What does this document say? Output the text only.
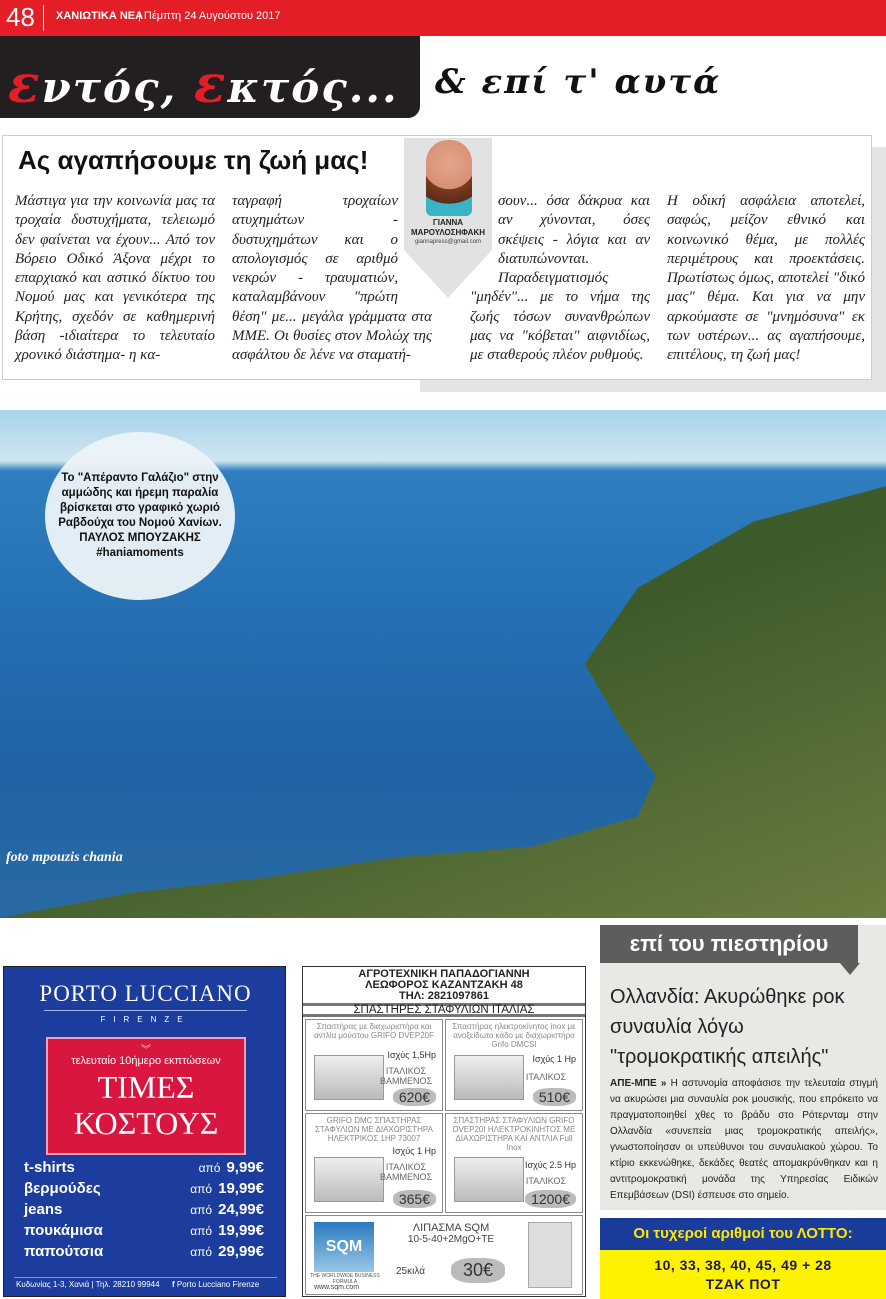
48 ΧΑΝΙΩΤΙΚΑ ΝΕΑ
| Πέμπτη 24 Αυγούστου 2017
εντός, εκτός... & επί τ' αυτά
Ας αγαπήσουμε τη ζωή μας!

Μάστιγα για την κοινωνία μας τα τροχαία δυστυχήματα, τελειωμό δεν φαίνεται να έχουν... Από τον Βόρειο Οδικό Άξονα μέχρι το επαρχιακό και αστικό δίκτυο του Νομού μας και γενικότερα της Κρήτης, σχεδόν σε καθημερινή βάση -ιδιαίτερα το τελευταίο χρονικό διάστημα- η κα-

ταγραφή τροχαίων ατυχημάτων - δυστυχημάτων και ο απολογισμός σε αριθμό νεκρών - τραυματιών, καταλαμβάνουν "πρώτη θέση" με... μεγάλα γράμματα στα ΜΜΕ. Οι θυσίες στον Μολώχ της ασφάλτου δε λένε να σταματή-
σουν... όσα δάκρυα και αν χύνονται, όσες σκέψεις - λόγια και αν διατυπώνονται. Παραδειγματισμός "μηδέν"... με το νήμα της ζωής τόσων συνανθρώπων μας να "κόβεται" αιφνιδίως, με σταθερούς πλέον ρυθμούς.

Η οδική ασφάλεια αποτελεί, σαφώς, μείζον εθνικό και κοινωνικό θέμα, με πολλές περιμέτρους και προεκτάσεις. Πρωτίστως όμως, αποτελεί "δικό μας" θέμα. Και για να μην αρκούμαστε σε "μνημόσυνα" εκ των υστέρων... ας αγαπήσουμε, επιτέλους, τη ζωή μας!

ΓΙΑΝΝΑ ΜΑΡΟΥΛΟΣΗΦΑΚΗ
giannapress@gmail.com
Το "Απέραντο Γαλάζιο" στην αμμώδης και ήρεμη παραλία βρίσκεται στο γραφικό χωριό Ραβδούχα του Νομού Χανίων. ΠΑΥΛΟΣ ΜΠΟΥΖΑΚΗΣ #haniamoments
foto mpouzis chania
PORTO LUCCIANO
FIRENZE
︾
τελευταίο 10ήμερο εκπτώσεων
ΤΙΜΕΣ
ΚΟΣΤΟΥΣ
t-shirts	από 9,99€
βερμούδες	από 19,99€
jeans	από 24,99€
πουκάμισα	από 19,99€
παπούτσια	από 29,99€
Κυδωνίας 1-3, Χανιά | Τηλ. 28210 99944 f Porto Lucciano Firenze
ΑΓΡΟΤΕΧΝΙΚΗ ΠΑΠΑΔΟΓΙΑΝΝΗ
ΛΕΩΦΟΡΟΣ ΚΑΖΑΝΤΖΑΚΗ 48
ΤΗΛ: 2821097861
ΣΠΑΣΤΗΡΕΣ ΣΤΑΦΥΛΙΩΝ ΙΤΑΛΙΑΣ
Σπαστήρας με διαχωριστήρα και αντλία μούστου GRIFO DVEP20F
Ισχύς 1,5Hp
ΙΤΑΛΙΚΟΣ ΒΑΜΜΕΝΟΣ
620€
Σπαστήρας ηλεκτροκίνητος inox με ανοξείδωτο κάδο με διαχωριστήρα Grifo DMCSI
Ισχύς 1 Hp
ΙΤΑΛΙΚΟΣ
510€
GRIFO DMC ΣΠΑΣΤΗΡΑΣ ΣΤΑΦΥΛΙΩΝ ΜΕ ΔΙΑΧΩΡΙΣΤΗΡΑ ΗΛΕΚΤΡΙΚΟΣ 1HP 73007
Ισχύς 1 Hp
ΙΤΑΛΙΚΟΣ ΒΑΜΜΕΝΟΣ
365€
ΣΠΑΣΤΗΡΑΣ ΣΤΑΦΥΛΙΩΝ GRIFO DVEP20I ΗΛΕΚΤΡΟΚΙΝΗΤΟΣ ΜΕ ΔΙΑΧΩΡΙΣΤΗΡΑ ΚΑΙ ΑΝΤΛΙΑ Full Inox
Ισχύς 2.5 Hp
ΙΤΑΛΙΚΟΣ
1200€
SQM
THE WORLDWIDE BUSINESS FORMULA
www.sqm.com
ΛΙΠΑΣΜΑ SQM
10-5-40+2MgO+TE
25κιλά	30€
επί του πιεστηρίου
Ολλανδία: Ακυρώθηκε ροκ συναυλία λόγω "τρομοκρατικής απειλής"

ΑΠΕ-ΜΠΕ » Η αστυνομία αποφάσισε την τελευταία στιγμή να ακυρώσει μια συναυλία ροκ μουσικής, που επρόκειτο να πραγματοποιηθεί χθες το βράδυ στο Ρότερνταμ στην Ολλανδία «συνεπεία μιας τρομοκρατικής απειλής», γνωστοποίησαν οι υπεύθυνοι του συναυλιακού χώρου. Το κτίριο εκκενώθηκε, δεκάδες θεατές απομακρύνθηκαν και η αντιτρομοκρατική μονάδα της Υπηρεσίας Ειδικών Επεμβάσεων (DSI) έσπευσε στο σημείο.

Οι τυχεροί αριθμοί του ΛΟΤΤΟ:
10, 33, 38, 40, 45, 49 + 28
ΤΖΑΚ ΠΟΤ
